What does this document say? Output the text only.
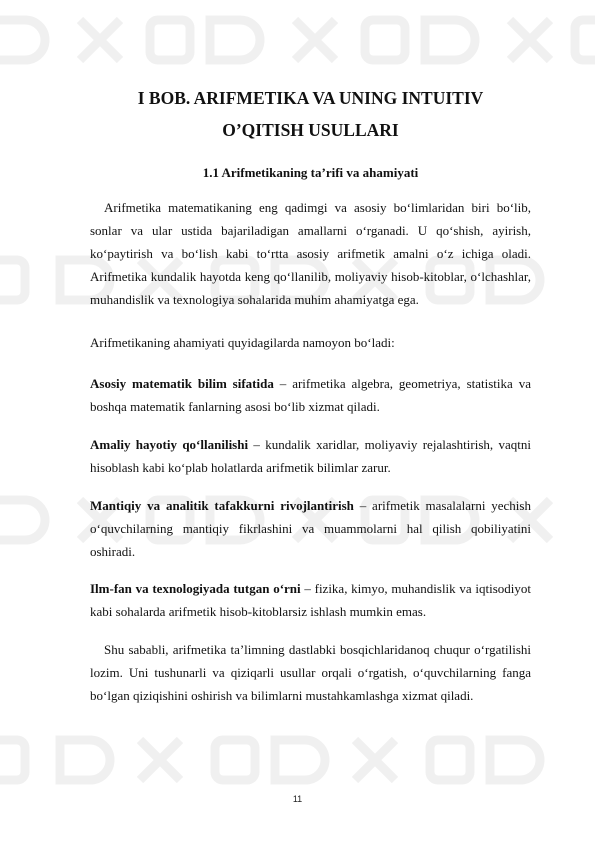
I BOB. ARIFMETIKA VA UNING INTUITIV
O’QITISH USULLARI
1.1 Arifmetikaning ta’rifi va ahamiyati

Arifmetika matematikaning eng qadimgi va asosiy bo‘limlaridan biri bo‘lib, sonlar va ular ustida bajariladigan amallarni o‘rganadi. U qo‘shish, ayirish, ko‘paytirish va bo‘lish kabi to‘rtta asosiy arifmetik amalni o‘z ichiga oladi. Arifmetika kundalik hayotda keng qo‘llanilib, moliyaviy hisob-kitoblar, o‘lchashlar, muhandislik va texnologiya sohalarida muhim ahamiyatga ega.

Arifmetikaning ahamiyati quyidagilarda namoyon bo‘ladi:

Asosiy matematik bilim sifatida – arifmetika algebra, geometriya, statistika va boshqa matematik fanlarning asosi bo‘lib xizmat qiladi.

Amaliy hayotiy qo‘llanilishi – kundalik xaridlar, moliyaviy rejalashtirish, vaqtni hisoblash kabi ko‘plab holatlarda arifmetik bilimlar zarur.

Mantiqiy va analitik tafakkurni rivojlantirish – arifmetik masalalarni yechish o‘quvchilarning mantiqiy fikrlashini va muammolarni hal qilish qobiliyatini oshiradi.

Ilm-fan va texnologiyada tutgan o‘rni – fizika, kimyo, muhandislik va iqtisodiyot kabi sohalarda arifmetik hisob-kitoblarsiz ishlash mumkin emas.

Shu sababli, arifmetika ta’limning dastlabki bosqichlaridanoq chuqur o‘rgatilishi lozim. Uni tushunarli va qiziqarli usullar orqali o‘rgatish, o‘quvchilarning fanga bo‘lgan qiziqishini oshirish va bilimlarni mustahkamlashga xizmat qiladi.

11
